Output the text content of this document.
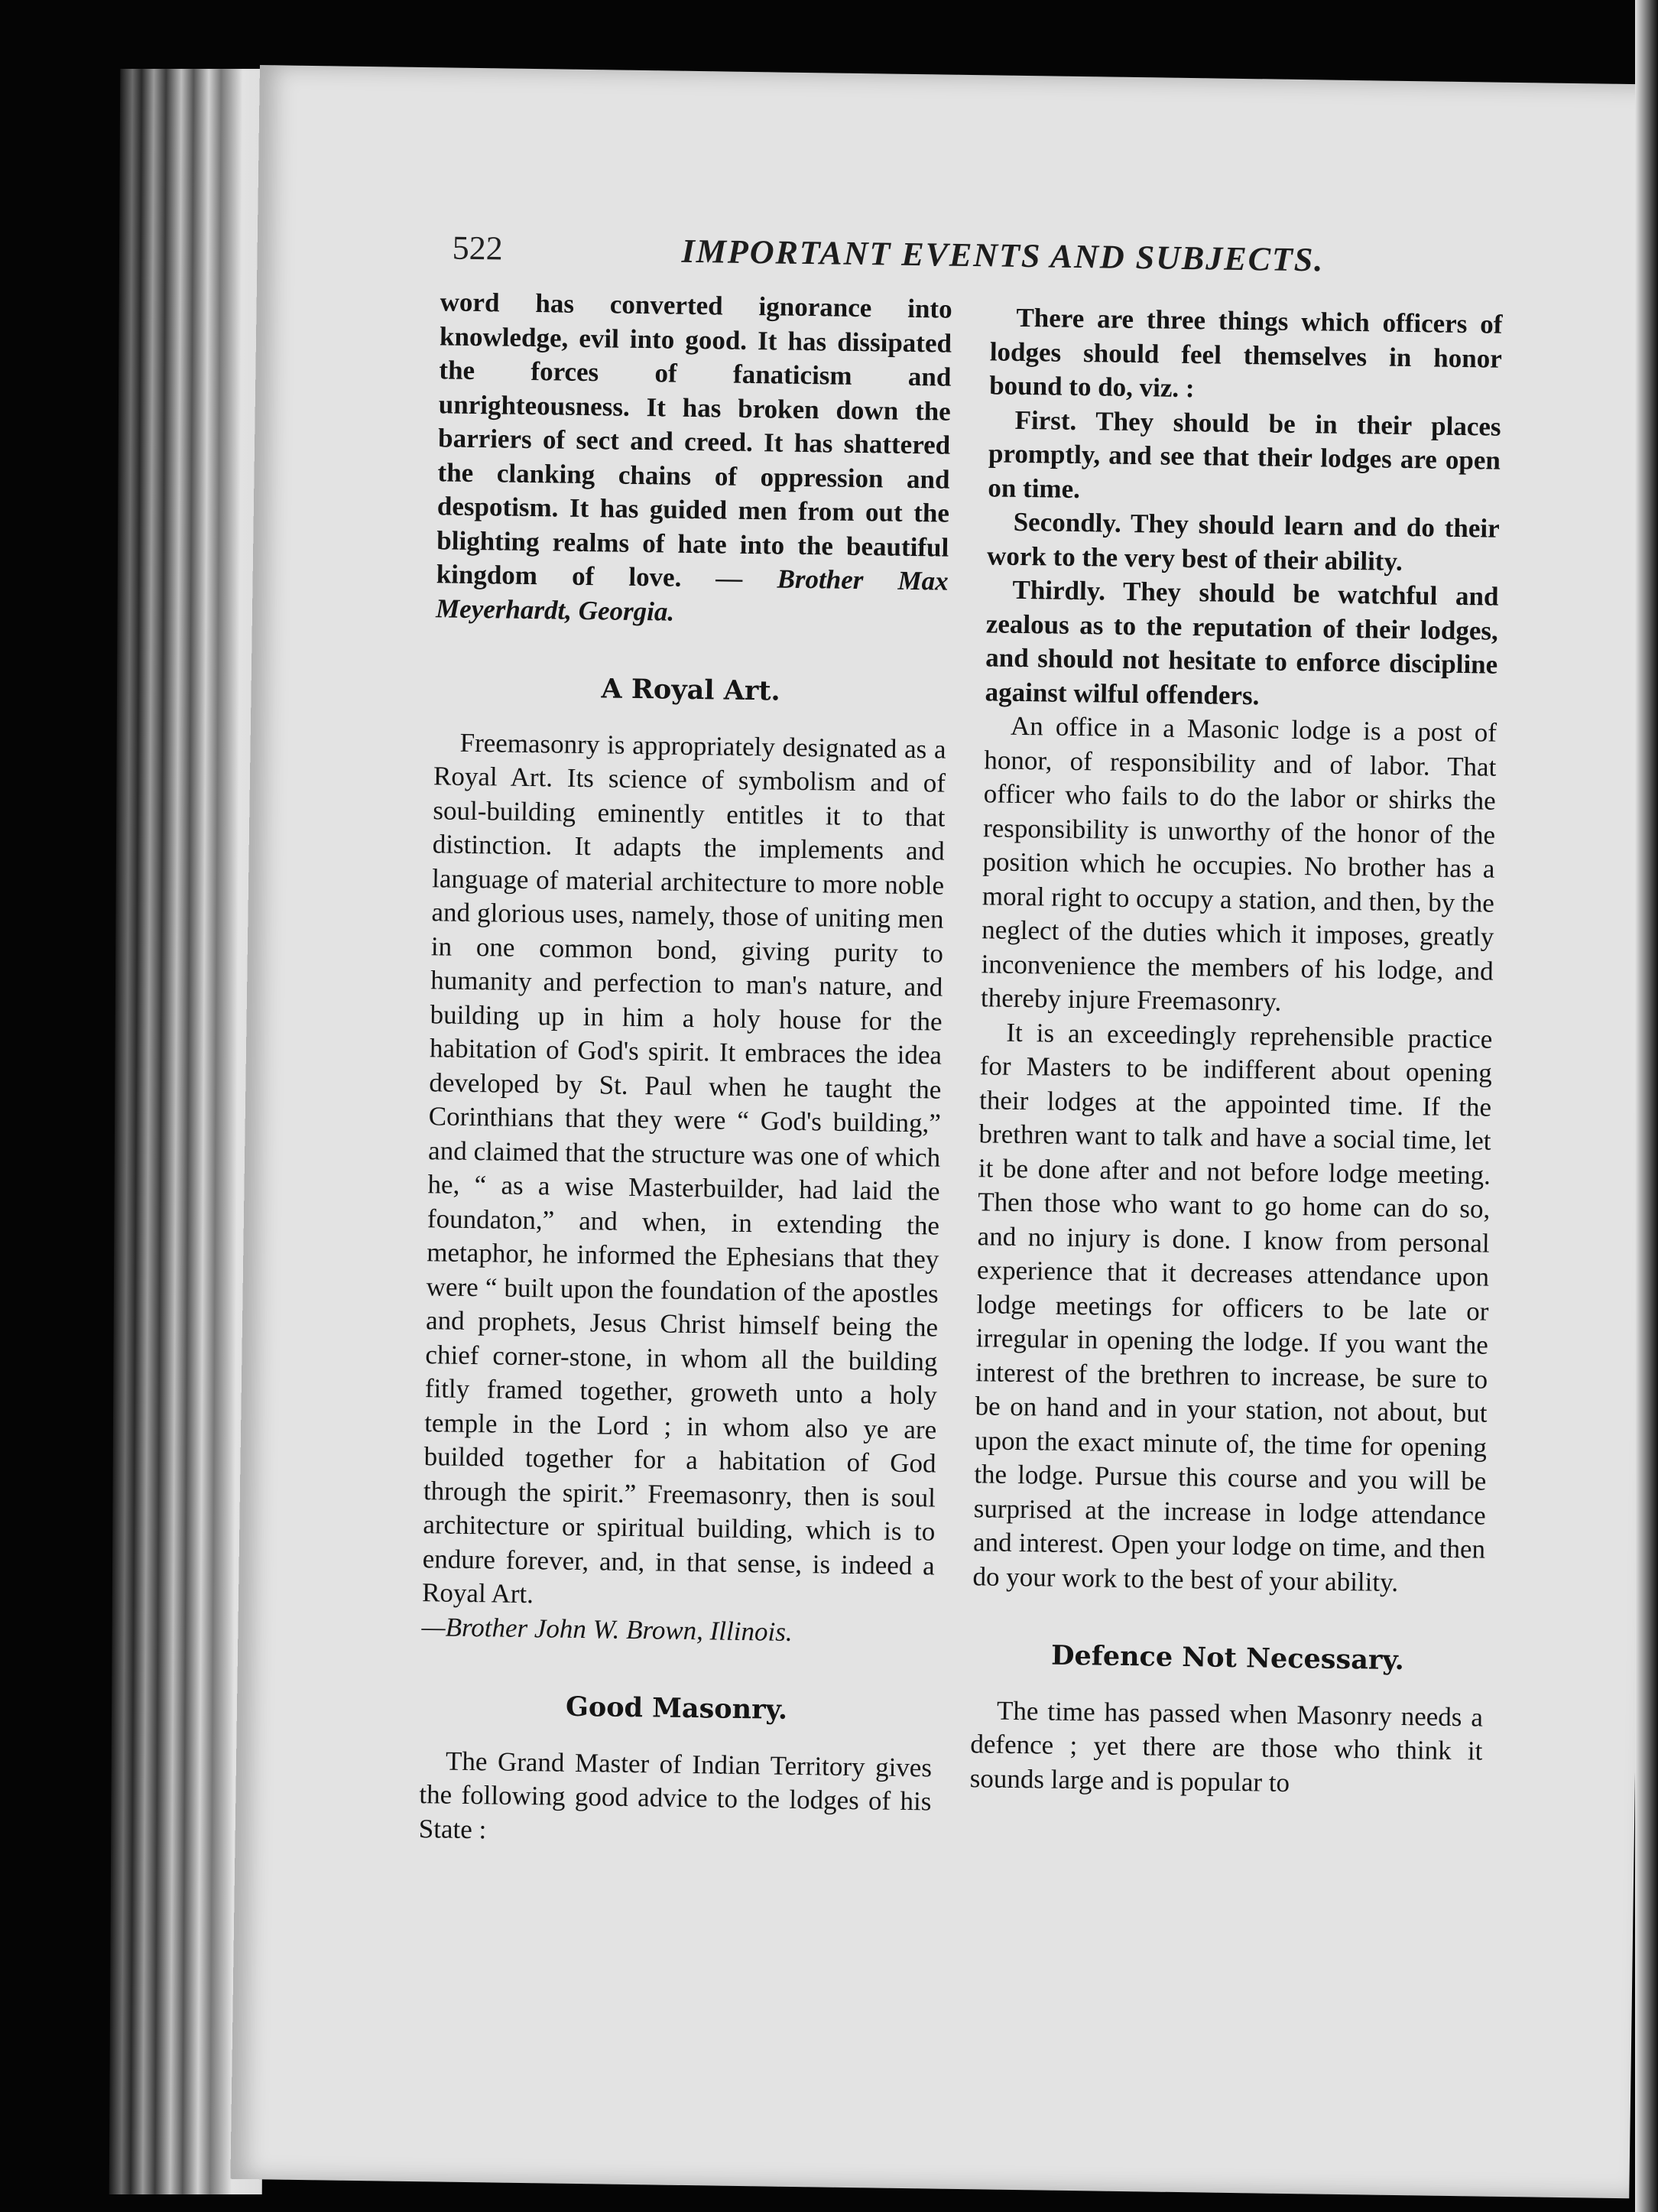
522	IMPORTANT EVENTS AND SUBJECTS.

word has converted ignorance into knowledge, evil into good. It has dissipated the forces of fanaticism and unrighteousness. It has broken down the barriers of sect and creed. It has shattered the clanking chains of oppression and despotism. It has guided men from out the blighting realms of hate into the beautiful kingdom of love. — Brother Max Meyerhardt, Georgia.

A Royal Art.

Freemasonry is appropriately designated as a Royal Art. Its science of symbolism and of soul-building eminently entitles it to that distinction. It adapts the implements and language of material architecture to more noble and glorious uses, namely, those of uniting men in one common bond, giving purity to humanity and perfection to man's nature, and building up in him a holy house for the habitation of God's spirit. It embraces the idea developed by St. Paul when he taught the Corinthians that they were “ God's building,” and claimed that the structure was one of which he, “ as a wise Masterbuilder, had laid the foundaton,” and when, in extending the metaphor, he informed the Ephesians that they were “ built upon the foundation of the apostles and prophets, Jesus Christ himself being the chief corner-stone, in whom all the building fitly framed together, groweth unto a holy temple in the Lord ; in whom also ye are builded together for a habitation of God through the spirit.” Freemasonry, then is soul architecture or spiritual building, which is to endure forever, and, in that sense, is indeed a Royal Art.

—Brother John W. Brown, Illinois.

Good Masonry.

The Grand Master of Indian Territory gives the following good advice to the lodges of his State :

There are three things which officers of lodges should feel themselves in honor bound to do, viz. :

First. They should be in their places promptly, and see that their lodges are open on time.

Secondly. They should learn and do their work to the very best of their ability.

Thirdly. They should be watchful and zealous as to the reputation of their lodges, and should not hesitate to enforce discipline against wilful offenders.

An office in a Masonic lodge is a post of honor, of responsibility and of labor. That officer who fails to do the labor or shirks the responsibility is unworthy of the honor of the position which he occupies. No brother has a moral right to occupy a station, and then, by the neglect of the duties which it imposes, greatly inconvenience the members of his lodge, and thereby injure Freemasonry.

It is an exceedingly reprehensible practice for Masters to be indifferent about opening their lodges at the appointed time. If the brethren want to talk and have a social time, let it be done after and not before lodge meeting. Then those who want to go home can do so, and no injury is done. I know from personal experience that it decreases attendance upon lodge meetings for officers to be late or irregular in opening the lodge. If you want the interest of the brethren to increase, be sure to be on hand and in your station, not about, but upon the exact minute of, the time for opening the lodge. Pursue this course and you will be surprised at the increase in lodge attendance and interest. Open your lodge on time, and then do your work to the best of your ability.

Defence Not Necessary.

The time has passed when Masonry needs a defence ; yet there are those who think it sounds large and is popular to
